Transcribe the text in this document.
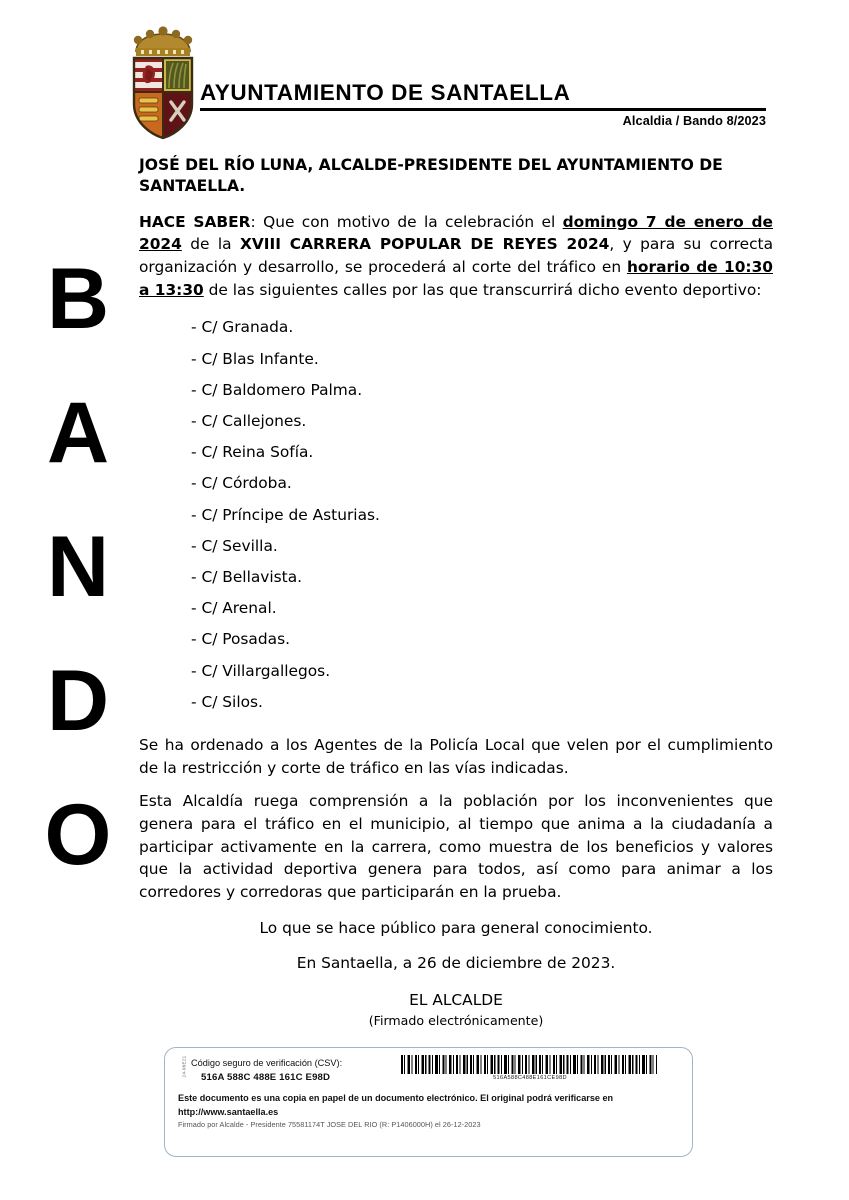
B
A
N
D
O
AYUNTAMIENTO DE SANTAELLA
Alcaldia / Bando 8/2023

JOSÉ DEL RÍO LUNA, ALCALDE-PRESIDENTE DEL AYUNTAMIENTO DE SANTAELLA.

HACE SABER: Que con motivo de la celebración el domingo 7 de enero de 2024 de la XVIII CARRERA POPULAR DE REYES 2024, y para su correcta organización y desarrollo, se procederá al corte del tráfico en horario de 10:30 a 13:30 de las siguientes calles por las que transcurrirá dicho evento deportivo:

- C/ Granada.
- C/ Blas Infante.
- C/ Baldomero Palma.
- C/ Callejones.
- C/ Reina Sofía.
- C/ Córdoba.
- C/ Príncipe de Asturias.
- C/ Sevilla.
- C/ Bellavista.
- C/ Arenal.
- C/ Posadas.
- C/ Villargallegos.
- C/ Silos.

Se ha ordenado a los Agentes de la Policía Local que velen por el cumplimiento de la restricción y corte de tráfico en las vías indicadas.

Esta Alcaldía ruega comprensión a la población por los inconvenientes que genera para el tráfico en el municipio, al tiempo que anima a la ciudadanía a participar activamente en la carrera, como muestra de los beneficios y valores que la actividad deportiva genera para todos, así como para animar a los corredores y corredoras que participarán en la prueba.

Lo que se hace público para general conocimiento.

En Santaella, a 26 de diciembre de 2023.

EL ALCALDE

(Firmado electrónicamente)

24-96E21 Código seguro de verificación (CSV):
516A 588C 488E 161C E98D	516A588C488E161CE98D
Este documento es una copia en papel de un documento electrónico. El original podrá verificarse en
http://www.santaella.es
Firmado por Alcalde - Presidente 75581174T JOSE DEL RIO (R: P1406000H) el 26-12-2023
